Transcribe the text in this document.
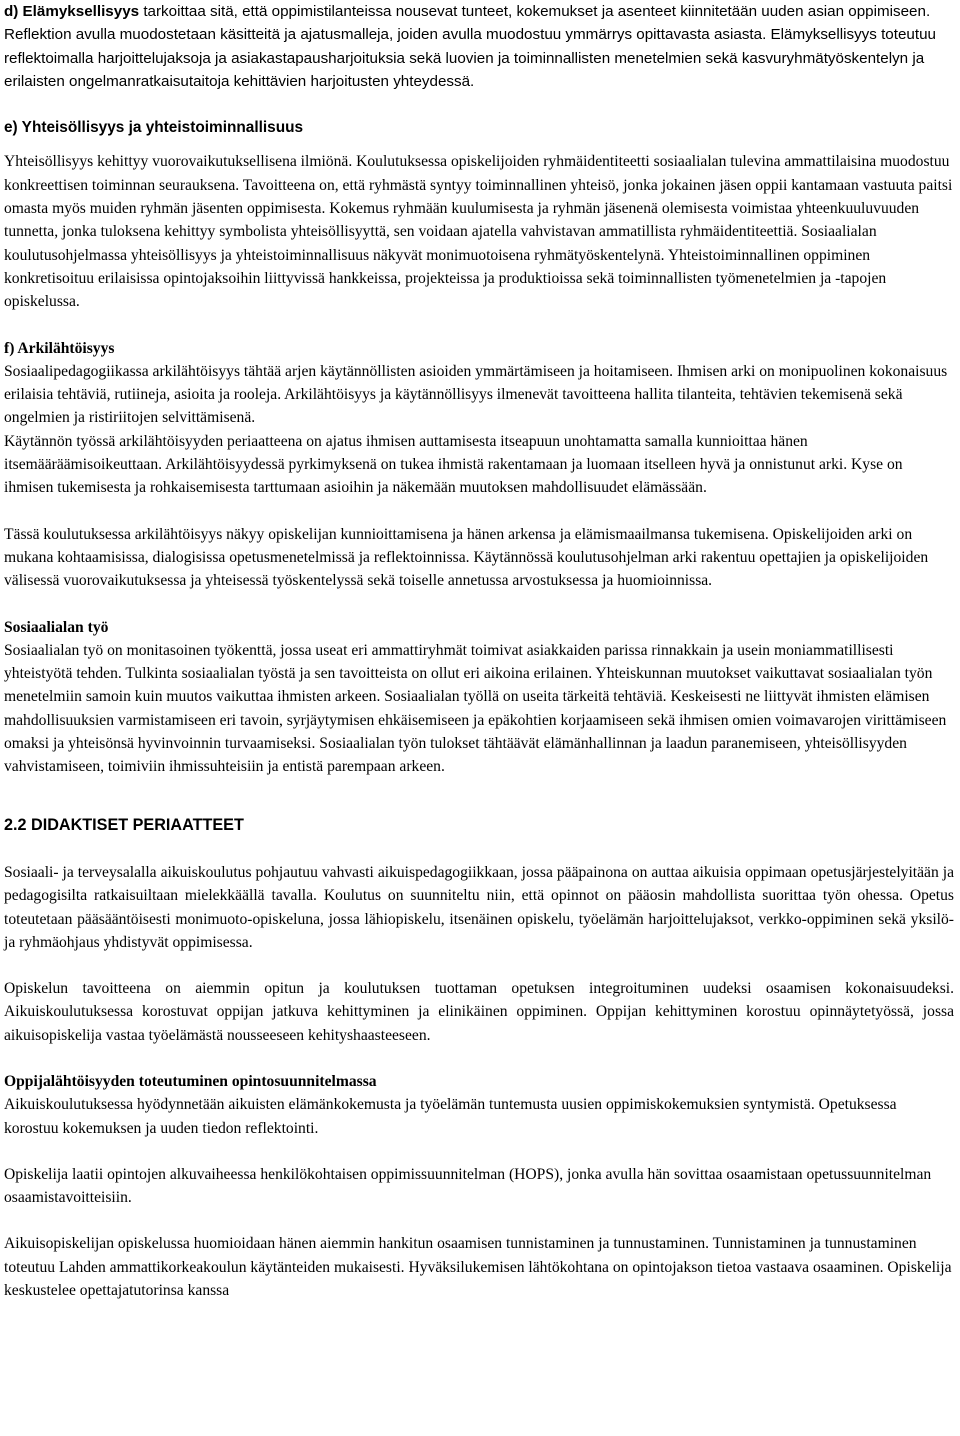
d) Elämyksellisyys tarkoittaa sitä, että oppimistilanteissa nousevat tunteet, kokemukset ja asenteet kiinnitetään uuden asian oppimiseen. Reflektion avulla muodostetaan käsitteitä ja ajatusmalleja, joiden avulla muodostuu ymmärrys opittavasta asiasta. Elämyksellisyys toteutuu reflektoimalla harjoittelujaksoja ja asiakastapausharjoituksia sekä luovien ja toiminnallisten menetelmien sekä kasvuryhmätyöskentelyn ja erilaisten ongelmanratkaisutaitoja kehittävien harjoitusten yhteydessä.

e) Yhteisöllisyys ja yhteistoiminnallisuus

Yhteisöllisyys kehittyy vuorovaikutuksellisena ilmiönä. Koulutuksessa opiskelijoiden ryhmäidentiteetti sosiaalialan tulevina ammattilaisina muodostuu konkreettisen toiminnan seurauksena. Tavoitteena on, että ryhmästä syntyy toiminnallinen yhteisö, jonka jokainen jäsen oppii kantamaan vastuuta paitsi omasta myös muiden ryhmän jäsenten oppimisesta. Kokemus ryhmään kuulumisesta ja ryhmän jäsenenä olemisesta voimistaa yhteenkuuluvuuden tunnetta, jonka tuloksena kehittyy symbolista yhteisöllisyyttä, sen voidaan ajatella vahvistavan ammatillista ryhmäidentiteettiä. Sosiaalialan koulutusohjelmassa yhteisöllisyys ja yhteistoiminnallisuus näkyvät monimuotoisena ryhmätyöskentelynä. Yhteistoiminnallinen oppiminen konkretisoituu erilaisissa opintojaksoihin liittyvissä hankkeissa, projekteissa ja produktioissa sekä toiminnallisten työmenetelmien ja -tapojen opiskelussa.

f) Arkilähtöisyys

Sosiaalipedagogiikassa arkilähtöisyys tähtää arjen käytännöllisten asioiden ymmärtämiseen ja hoitamiseen. Ihmisen arki on monipuolinen kokonaisuus erilaisia tehtäviä, rutiineja, asioita ja rooleja. Arkilähtöisyys ja käytännöllisyys ilmenevät tavoitteena hallita tilanteita, tehtävien tekemisenä sekä ongelmien ja ristiriitojen selvittämisenä.

Käytännön työssä arkilähtöisyyden periaatteena on ajatus ihmisen auttamisesta itseapuun unohtamatta samalla kunnioittaa hänen itsemääräämisoikeuttaan. Arkilähtöisyydessä pyrkimyksenä on tukea ihmistä rakentamaan ja luomaan itselleen hyvä ja onnistunut arki. Kyse on ihmisen tukemisesta ja rohkaisemisesta tarttumaan asioihin ja näkemään muutoksen mahdollisuudet elämässään.

Tässä koulutuksessa arkilähtöisyys näkyy opiskelijan kunnioittamisena ja hänen arkensa ja elämismaailmansa tukemisena. Opiskelijoiden arki on mukana kohtaamisissa, dialogisissa opetusmenetelmissä ja reflektoinnissa. Käytännössä koulutusohjelman arki rakentuu opettajien ja opiskelijoiden välisessä vuorovaikutuksessa ja yhteisessä työskentelyssä sekä toiselle annetussa arvostuksessa ja huomioinnissa.

Sosiaalialan työ

Sosiaalialan työ on monitasoinen työkenttä, jossa useat eri ammattiryhmät toimivat asiakkaiden parissa rinnakkain ja usein moniammatillisesti yhteistyötä tehden. Tulkinta sosiaalialan työstä ja sen tavoitteista on ollut eri aikoina erilainen. Yhteiskunnan muutokset vaikuttavat sosiaalialan työn menetelmiin samoin kuin muutos vaikuttaa ihmisten arkeen. Sosiaalialan työllä on useita tärkeitä tehtäviä. Keskeisesti ne liittyvät ihmisten elämisen mahdollisuuksien varmistamiseen eri tavoin, syrjäytymisen ehkäisemiseen ja epäkohtien korjaamiseen sekä ihmisen omien voimavarojen virittämiseen omaksi ja yhteisönsä hyvinvoinnin turvaamiseksi. Sosiaalialan työn tulokset tähtäävät elämänhallinnan ja laadun paranemiseen, yhteisöllisyyden vahvistamiseen, toimiviin ihmissuhteisiin ja entistä parempaan arkeen.

2.2 DIDAKTISET PERIAATTEET

Sosiaali- ja terveysalalla aikuiskoulutus pohjautuu vahvasti aikuispedagogiikkaan, jossa pääpainona on auttaa aikuisia oppimaan opetusjärjestelyitään ja pedagogisilta ratkaisuiltaan mielekkäällä tavalla. Koulutus on suunniteltu niin, että opinnot on pääosin mahdollista suorittaa työn ohessa. Opetus toteutetaan pääsääntöisesti monimuoto-opiskeluna, jossa lähiopiskelu, itsenäinen opiskelu, työelämän harjoittelujaksot, verkko-oppiminen sekä yksilö- ja ryhmäohjaus yhdistyvät oppimisessa.

Opiskelun tavoitteena on aiemmin opitun ja koulutuksen tuottaman opetuksen integroituminen uudeksi osaamisen kokonaisuudeksi. Aikuiskoulutuksessa korostuvat oppijan jatkuva kehittyminen ja elinikäinen oppiminen. Oppijan kehittyminen korostuu opinnäytetyössä, jossa aikuisopiskelija vastaa työelämästä nousseeseen kehityshaasteeseen.

Oppijalähtöisyyden toteutuminen opintosuunnitelmassa

Aikuiskoulutuksessa hyödynnetään aikuisten elämänkokemusta ja työelämän tuntemusta uusien oppimiskokemuksien syntymistä. Opetuksessa korostuu kokemuksen ja uuden tiedon reflektointi.

Opiskelija laatii opintojen alkuvaiheessa henkilökohtaisen oppimissuunnitelman (HOPS), jonka avulla hän sovittaa osaamistaan opetussuunnitelman osaamistavoitteisiin.

Aikuisopiskelijan opiskelussa huomioidaan hänen aiemmin hankitun osaamisen tunnistaminen ja tunnustaminen. Tunnistaminen ja tunnustaminen toteutuu Lahden ammattikorkeakoulun käytänteiden mukaisesti. Hyväksilukemisen lähtökohtana on opintojakson tietoa vastaava osaaminen. Opiskelija keskustelee opettajatutorinsa kanssa
